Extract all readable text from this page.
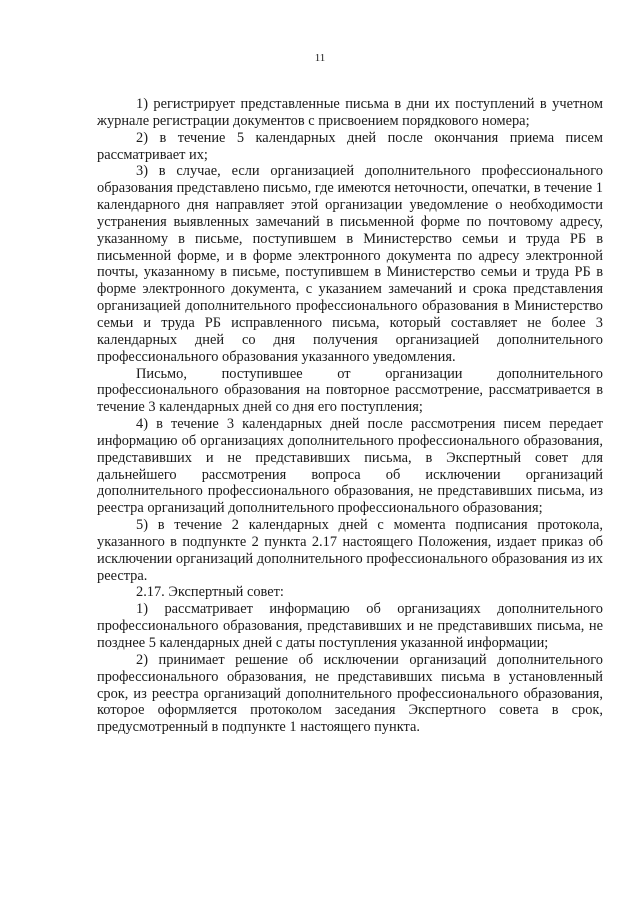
11

1) регистрирует представленные письма в дни их поступлений в учетном журнале регистрации документов с присвоением порядкового номера;

2) в течение 5 календарных дней после окончания приема писем рассматривает их;

3) в случае, если организацией дополнительного профессионального образования представлено письмо, где имеются неточности, опечатки, в течение 1 календарного дня направляет этой организации уведомление о необходимости устранения выявленных замечаний в письменной форме по почтовому адресу, указанному в письме, поступившем в Министерство семьи и труда РБ в письменной форме, и в форме электронного документа по адресу электронной почты, указанному в письме, поступившем в Министерство семьи и труда РБ в форме электронного документа, с указанием замечаний и срока представления организацией дополнительного профессионального образования в Министерство семьи и труда РБ исправленного письма, который составляет не более 3 календарных дней со дня получения организацией дополнительного профессионального образования указанного уведомления.

Письмо, поступившее от организации дополнительного профессионального образования на повторное рассмотрение, рассматривается в течение 3 календарных дней со дня его поступления;

4) в течение 3 календарных дней после рассмотрения писем передает информацию об организациях дополнительного профессионального образования, представивших и не представивших письма, в Экспертный совет для дальнейшего рассмотрения вопроса об исключении организаций дополнительного профессионального образования, не представивших письма, из реестра организаций дополнительного профессионального образования;

5) в течение 2 календарных дней с момента подписания протокола, указанного в подпункте 2 пункта 2.17 настоящего Положения, издает приказ об исключении организаций дополнительного профессионального образования из их реестра.

2.17. Экспертный совет:

1) рассматривает информацию об организациях дополнительного профессионального образования, представивших и не представивших письма, не позднее 5 календарных дней с даты поступления указанной информации;

2) принимает решение об исключении организаций дополнительного профессионального образования, не представивших письма в установленный срок, из реестра организаций дополнительного профессионального образования, которое оформляется протоколом заседания Экспертного совета в срок, предусмотренный в подпункте 1 настоящего пункта.
